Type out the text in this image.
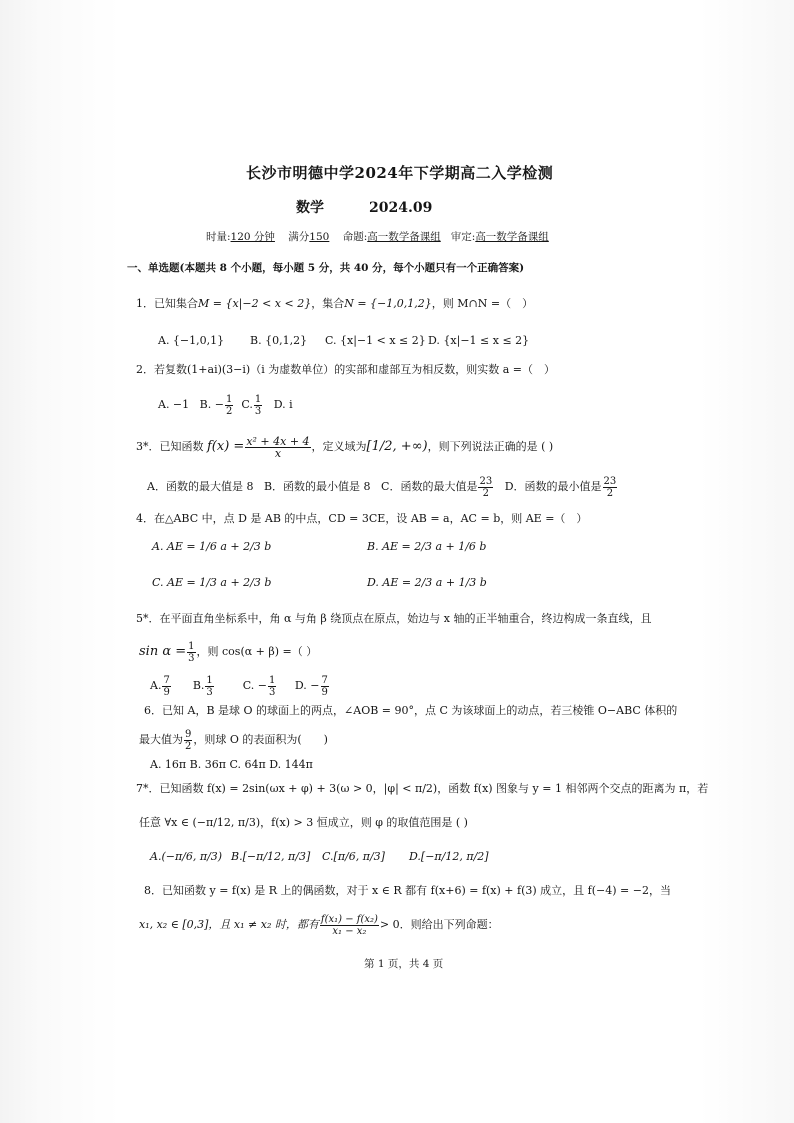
长沙市明德中学2024年下学期高二入学检测
数学	2024.09
时量:120 分钟 满分150 命题:高一数学备课组 审定:高一数学备课组
一、单选题(本题共 8 个小题，每小题 5 分，共 40 分，每个小题只有一个正确答案)
1．已知集合M = {x|−2 < x < 2}，集合N = {−1,0,1,2}，则 M∩N =（　）
A. {−1,0,1} B. {0,1,2} C. {x|−1 < x ≤ 2} D. {x|−1 ≤ x ≤ 2}
2．若复数(1+ai)(3−i)（i 为虚数单位）的实部和虚部互为相反数，则实数 a =（　）
A. −1 B. − $\frac{1}{2} C$. $\frac{1}{3} D$. i
3*．已知函数 $f(x) = \frac{\text{x² + 4x + 4}}{x}$ ，定义域为[1/2, +∞)，则下列说法正确的是 ( )
A．函数的最大值是 8 B．函数的最小值是 8 C．函数的最大值是 $\frac{23}{2}$ D．函数的最小值是 $\frac{23}{2}$
4．在△ABC 中，点 D 是 AB 的中点，CD = 3CE，设 AB = a，AC = b，则 AE =（　）
A. AE = 1/6 a + 2/3 b	B. AE = 2/3 a + 1/6 b
C. AE = 1/3 a + 2/3 b	D. AE = 2/3 a + 1/3 b
5*．在平面直角坐标系中，角 α 与角 β 绕顶点在原点，始边与 x 轴的正半轴重合，终边构成一条直线，且
$\sin \alpha = \frac{1}{3}$ ，则 cos(α + β) =（ ）
A. $\frac{7}{9} B$. $\frac{1}{3}$	C. − $\frac{1}{3} D$. − $\frac{7}{9}$
6．已知 A，B 是球 O 的球面上的两点，∠AOB = 90°，点 C 为该球面上的动点，若三棱锥 O−ABC 体积的
最大值为 $\frac{9}{2}$ ，则球 O 的表面积为(　　)
A. 16π B. 36π C. 64π D. 144π
7*．已知函数 f(x) = 2sin(ωx + φ) + 3(ω > 0，|φ| < π/2)，函数 f(x) 图象与 y = 1 相邻两个交点的距离为 π，若
任意 ∀x ∈ (−π/12, π/3)，f(x) > 3 恒成立，则 φ 的取值范围是 ( )
A.(−π/6, π/3) B.[−π/12, π/3] C.[π/6, π/3] D.[−π/12, π/2]
8．已知函数 y = f(x) 是 R 上的偶函数，对于 x ∈ R 都有 f(x+6) = f(x) + f(3) 成立，且 f(−4) = −2，当
x₁, x₂ ∈ [0,3]，且 x₁ ≠ x₂ 时，都有 $\frac{\text{f(x₁) − f(x₂)}}{\text{x₁ − x₂}} > 0$．则给出下列命题：
第 1 页，共 4 页
